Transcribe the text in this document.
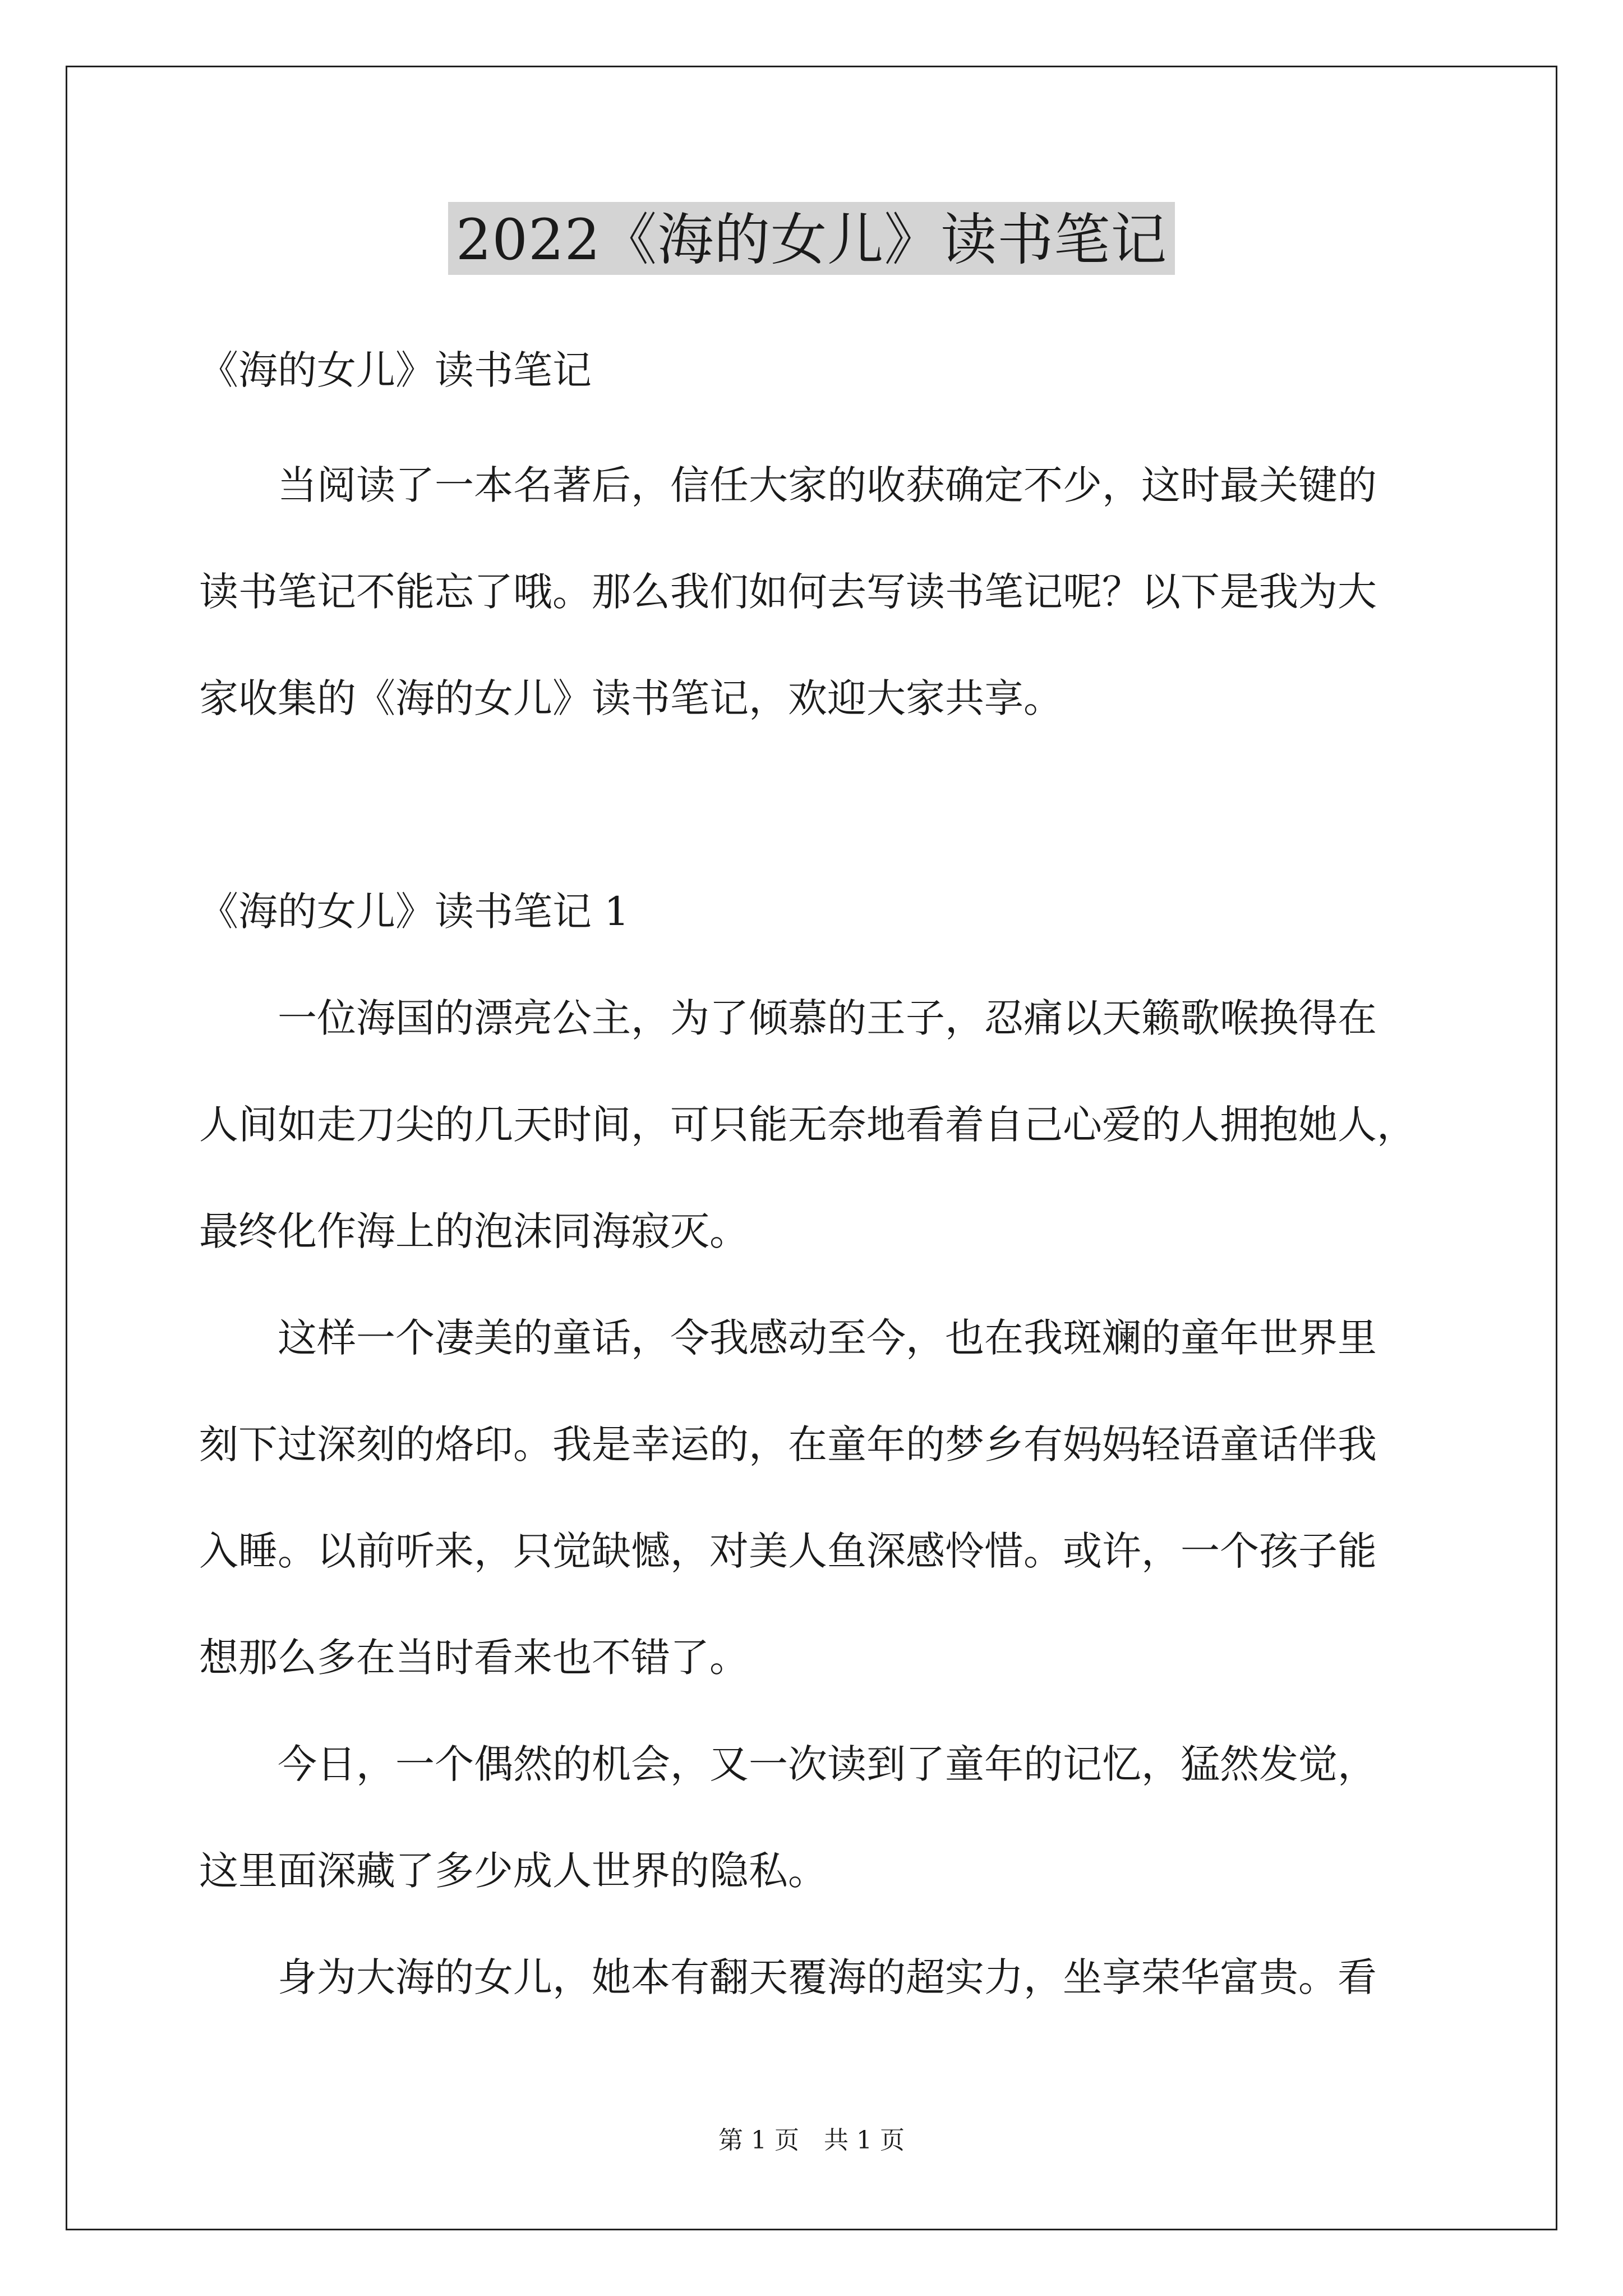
2022《海的女儿》读书笔记
《海的女儿》读书笔记
当阅读了一本名著后，信任大家的收获确定不少，这时最关键的
读书笔记不能忘了哦。那么我们如何去写读书笔记呢？以下是我为大
家收集的《海的女儿》读书笔记，欢迎大家共享。
《海的女儿》读书笔记 1
一位海国的漂亮公主，为了倾慕的王子，忍痛以天籁歌喉换得在
人间如走刀尖的几天时间，可只能无奈地看着自己心爱的人拥抱她人，
最终化作海上的泡沫同海寂灭。
这样一个凄美的童话，令我感动至今，也在我斑斓的童年世界里
刻下过深刻的烙印。我是幸运的，在童年的梦乡有妈妈轻语童话伴我
入睡。以前听来，只觉缺憾，对美人鱼深感怜惜。或许，一个孩子能
想那么多在当时看来也不错了。
今日，一个偶然的机会，又一次读到了童年的记忆，猛然发觉，
这里面深藏了多少成人世界的隐私。
身为大海的女儿，她本有翻天覆海的超实力，坐享荣华富贵。看
第 1 页　共 1 页
